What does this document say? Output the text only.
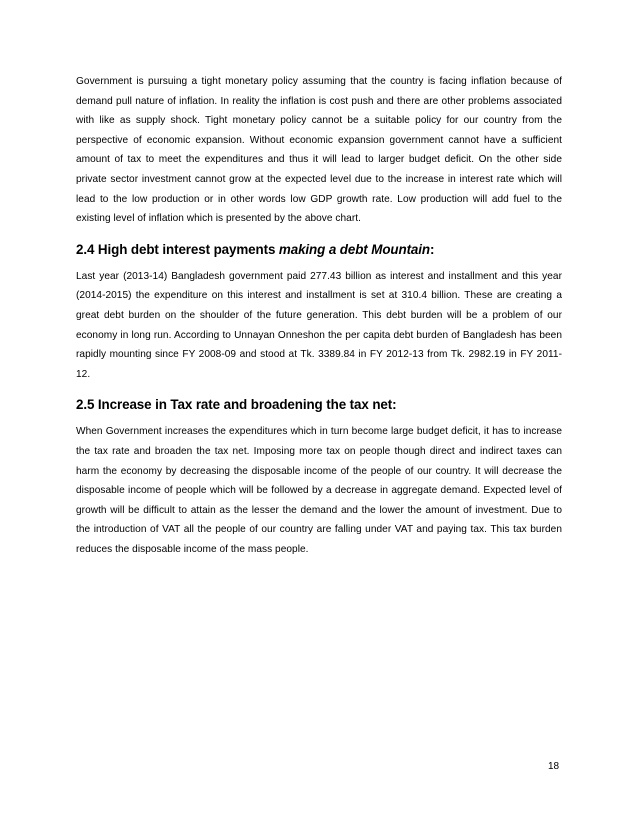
Government is pursuing a tight monetary policy assuming that the country is facing inflation because of demand pull nature of inflation. In reality the inflation is cost push and there are other problems associated with like as supply shock. Tight monetary policy cannot be a suitable policy for our country from the perspective of economic expansion. Without economic expansion government cannot have a sufficient amount of tax to meet the expenditures and thus it will lead to larger budget deficit. On the other side private sector investment cannot grow at the expected level due to the increase in interest rate which will lead to the low production or in other words low GDP growth rate. Low production will add fuel to the existing level of inflation which is presented by the above chart.

2.4 High debt interest payments making a debt Mountain:

Last year (2013-14) Bangladesh government paid 277.43 billion as interest and installment and this year (2014-2015) the expenditure on this interest and installment is set at 310.4 billion. These are creating a great debt burden on the shoulder of the future generation. This debt burden will be a problem of our economy in long run. According to Unnayan Onneshon the per capita debt burden of Bangladesh has been rapidly mounting since FY 2008-09 and stood at Tk. 3389.84 in FY 2012-13 from Tk. 2982.19 in FY 2011-12.

2.5 Increase in Tax rate and broadening the tax net:

When Government increases the expenditures which in turn become large budget deficit, it has to increase the tax rate and broaden the tax net. Imposing more tax on people though direct and indirect taxes can harm the economy by decreasing the disposable income of the people of our country. It will decrease the disposable income of people which will be followed by a decrease in aggregate demand. Expected level of growth will be difficult to attain as the lesser the demand and the lower the amount of investment. Due to the introduction of VAT all the people of our country are falling under VAT and paying tax. This tax burden reduces the disposable income of the mass people.

18
